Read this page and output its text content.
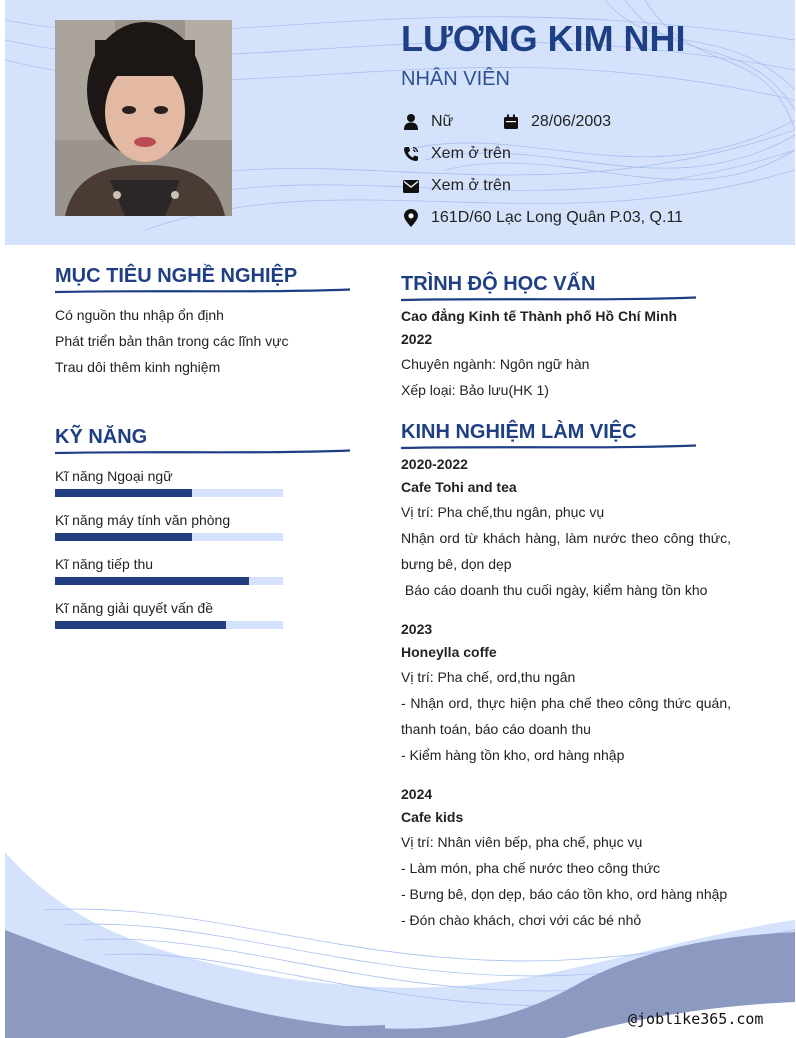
LƯƠNG KIM NHI
NHÂN VIÊN
Nữ	28/06/2003
Xem ở trên
Xem ở trên
161D/60 Lạc Long Quân P.03, Q.11
MỤC TIÊU NGHỀ NGHIỆP
Có nguồn thu nhập ổn định
Phát triển bản thân trong các lĩnh vực
Trau dôi thêm kinh nghiệm
KỸ NĂNG
Kĩ năng Ngoại ngữ
Kĩ năng máy tính văn phòng
Kĩ năng tiếp thu
Kĩ năng giải quyết vấn đề
TRÌNH ĐỘ HỌC VẤN
Cao đẳng Kinh tế Thành phố Hồ Chí Minh
2022
Chuyên ngành: Ngôn ngữ hàn
Xếp loại: Bảo lưu(HK 1)
KINH NGHIỆM LÀM VIỆC
2020-2022
Cafe Tohi and tea
Vị trí: Pha chế,thu ngân, phục vụ
Nhận ord từ khách hàng, làm nước theo công thức, bưng bê, dọn dẹp
Báo cáo doanh thu cuối ngày, kiểm hàng tồn kho
2023
Honeylla coffe
Vị trí: Pha chế, ord,thu ngân
- Nhận ord, thực hiện pha chế theo công thức quán, thanh toán, báo cáo doanh thu
- Kiểm hàng tồn kho, ord hàng nhập
2024
Cafe kids
Vị trí: Nhân viên bếp, pha chế, phục vụ
- Làm món, pha chế nước theo công thức
- Bưng bê, dọn dẹp, báo cáo tồn kho, ord hàng nhập
- Đón chào khách, chơi với các bé nhỏ
@joblike365.com
